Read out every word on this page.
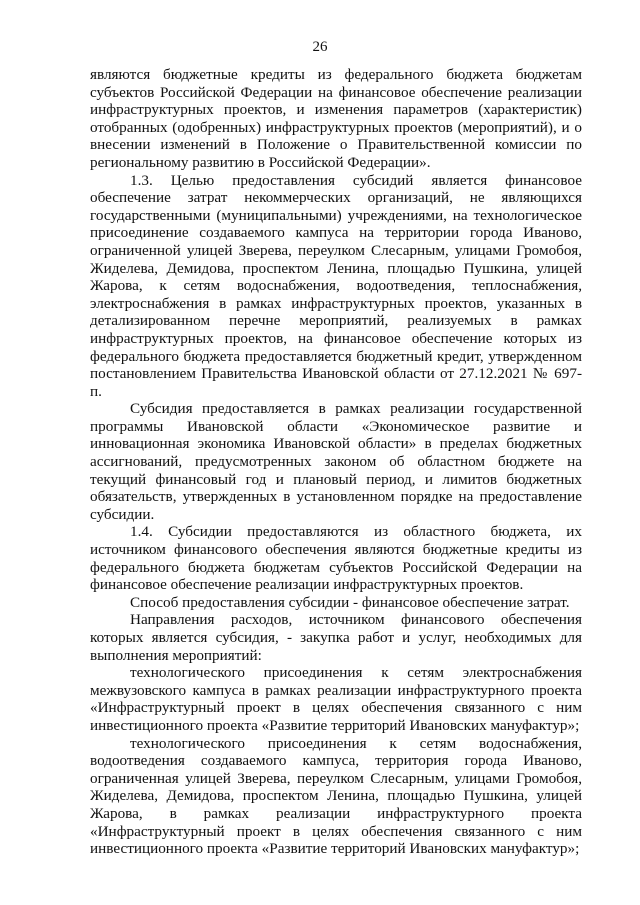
26

являются бюджетные кредиты из федерального бюджета бюджетам субъектов Российской Федерации на финансовое обеспечение реализации инфраструктурных проектов, и изменения параметров (характеристик) отобранных (одобренных) инфраструктурных проектов (мероприятий), и о внесении изменений в Положение о Правительственной комиссии по региональному развитию в Российской Федерации».

1.3. Целью предоставления субсидий является финансовое обеспечение затрат некоммерческих организаций, не являющихся государственными (муниципальными) учреждениями, на технологическое присоединение создаваемого кампуса на территории города Иваново, ограниченной улицей Зверева, переулком Слесарным, улицами Громобоя, Жиделева, Демидова, проспектом Ленина, площадью Пушкина, улицей Жарова, к сетям водоснабжения, водоотведения, теплоснабжения, электроснабжения в рамках инфраструктурных проектов, указанных в детализированном перечне мероприятий, реализуемых в рамках инфраструктурных проектов, на финансовое обеспечение которых из федерального бюджета предоставляется бюджетный кредит, утвержденном постановлением Правительства Ивановской области от 27.12.2021 № 697-п.

Субсидия предоставляется в рамках реализации государственной программы Ивановской области «Экономическое развитие и инновационная экономика Ивановской области» в пределах бюджетных ассигнований, предусмотренных законом об областном бюджете на текущий финансовый год и плановый период, и лимитов бюджетных обязательств, утвержденных в установленном порядке на предоставление субсидии.

1.4. Субсидии предоставляются из областного бюджета, их источником финансового обеспечения являются бюджетные кредиты из федерального бюджета бюджетам субъектов Российской Федерации на финансовое обеспечение реализации инфраструктурных проектов.

Способ предоставления субсидии - финансовое обеспечение затрат.

Направления расходов, источником финансового обеспечения которых является субсидия, - закупка работ и услуг, необходимых для выполнения мероприятий:

технологического присоединения к сетям электроснабжения межвузовского кампуса в рамках реализации инфраструктурного проекта «Инфраструктурный проект в целях обеспечения связанного с ним инвестиционного проекта «Развитие территорий Ивановских мануфактур»;

технологического присоединения к сетям водоснабжения, водоотведения создаваемого кампуса, территория города Иваново, ограниченная улицей Зверева, переулком Слесарным, улицами Громобоя, Жиделева, Демидова, проспектом Ленина, площадью Пушкина, улицей Жарова, в рамках реализации инфраструктурного проекта «Инфраструктурный проект в целях обеспечения связанного с ним инвестиционного проекта «Развитие территорий Ивановских мануфактур»;
